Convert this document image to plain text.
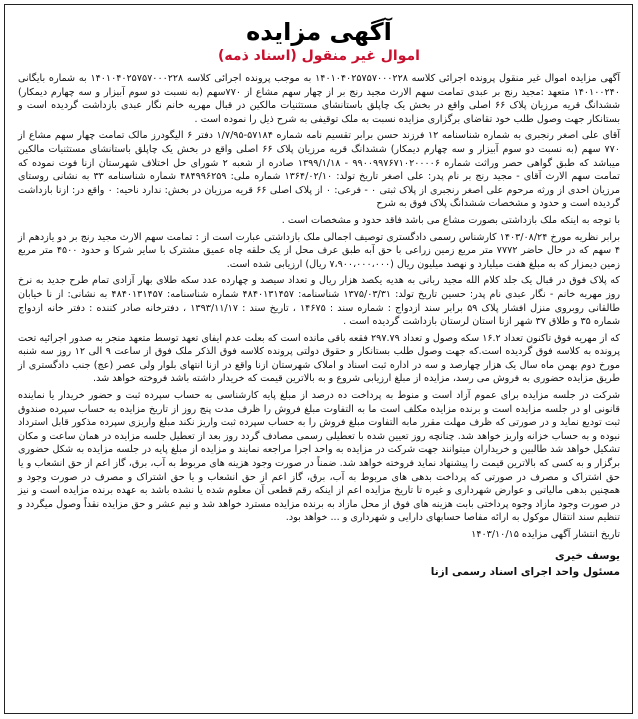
آگهی مزایده
اموال غیر منقول (اسناد ذمه)

آگهی مزایده اموال غیر منقول پرونده اجرائی کلاسه ۱۴۰۱۰۴۰۲۵۷۵۷۰۰۰۲۲۸ به موجب پرونده اجرائی کلاسه ۱۴۰۱۰۴۰۲۵۷۵۷۰۰۰۲۲۸ به شماره بایگانی ۱۴۰۱۰۰۲۴۰ متعهد :مجید رنج بر عبدی تمامت سهم الارث مجید رنج بر از چهار سهم مشاع از ۷۷۰سهم (به نسبت دو سوم آبیزار و سه چهارم دیمکار) ششدانگ قریه مرزیان پلاک ۶۶ اصلی واقع در بخش یک چاپلق باستانشای مستثنیات مالکین در قبال مهریه خانم نگار عبدی بازداشت گردیده است و بستانکار جهت وصول طلب خود تقاضای برگزاری مزایده نسبت به ملک توقیفی به شرح ذیل را نموده است .

آقای علی اصغر رنجبری به شماره شناسنامه ۱۲ فرزند حسن برابر تقسیم نامه شماره ۵۷۱۸۴-۱/۷/۹۵ دفتر ۶ الیگودرز مالک تمامت چهار سهم مشاع از ۷۷۰ سهم (به نسبت دو سوم آبیزار و سه چهارم دیمکار) ششدانگ قریه مرزیان پلاک ۶۶ اصلی واقع در بخش یک چاپلق باستانشای مستثنیات مالکین میباشد که طبق گواهی حصر وراثت شماره ۹۹۰۰۹۹۷۶۷۱۰۲۰۰۰۰۶ - ۱۳۹۹/۱/۱۸ صادره از شعبه ۲ شورای حل اختلاف شهرستان ازنا فوت نموده که تمامت سهم الارث آقای - مجید رنج بر نام پدر: علی اصغر تاریخ تولد: ۱۳۶۴/۰۲/۱۰ شماره ملی: ۴۸۴۹۹۶۲۵۹ شماره شناسنامه ۳۳ به نشانی روستای مرزیان احدی از ورثه مرحوم علی اصغر رنجبری از پلاک ثبتی ۰ - فرعی: ۰ از پلاک اصلی ۶۶ قریه مرزیان در بخش: ندارد ناحیه: ۰ واقع در: ازنا بازداشت گردیده است و حدود و مشخصات ششدانگ پلاک فوق به شرح

با توجه به اینکه ملک بازداشتی بصورت مشاع می باشد فاقد حدود و مشخصات است .

برابر نظریه مورخ ۱۴۰۳/۰۸/۲۴ کارشناس رسمی دادگستری توصیف اجمالی ملک بازداشتی عبارت است از : تمامت سهم الارث مجید رنج بر دو یازدهم از ۴ سهم که در حال حاضر ۷۷۷۲ متر مربع زمین زراعی با حق آبه طبق عرف محل از یک حلقه چاه عمیق مشترک با سایر شرکا و حدود ۴۵۰۰ متر مربع زمین دیمزار که به مبلغ هفت میلیارد و نهصد میلیون ریال (۷،۹۰۰،۰۰۰،۰۰۰ ریال) ارزیابی شده است.

که پلاک فوق در قبال یک جلد کلام الله مجید ربانی به هدیه یکصد هزار ریال و تعداد سیصد و چهارده عدد سکه طلای بهار آزادی تمام طرح جدید به نرخ روز مهریه خانم - نگار عبدی نام پدر: حسین تاریخ تولد: ۱۳۷۵/۰۳/۳۱ شناسنامه: ۴۸۴۰۱۳۱۴۵۷ شماره شناسنامه: ۴۸۴۰۱۳۱۴۵۷ به نشانی: از نا خیابان طالقانی روبروی منزل افشار پلاک ۵۹ برابر سند ازدواج : شماره سند : ۱۴۶۷۵ ، تاریخ سند : ۱۳۹۳/۱۱/۱۷ ، دفترخانه صادر کننده : دفتر خانه ازدواج شماره ۳۵ و طلاق ۳۷ شهر ازنا استان لرستان بازداشت گردیده است .

که از مهریه فوق تاکنون تعداد ۱۶.۲ سکه وصول و تعداد ۲۹۷.۷۹ فقعه باقی مانده است که بعلت عدم ایفای تعهد توسط متعهد منجر به صدور اجرائیه تحت پرونده به کلاسه فوق گردیده است.که جهت وصول طلب بستانکار و حقوق دولتی پرونده کلاسه فوق الذکر ملک فوق از ساعت ۹ الی ۱۲ روز سه شنبه مورخ دوم بهمن ماه سال یک هزار چهارصد و سه در اداره ثبت اسناد و املاک شهرستان ازنا واقع در ازنا انتهای بلوار ولی عصر (عج) جنب دادگستری از طریق مزایده حضوری به فروش می رسد، مزایده از مبلغ ارزیابی شروع و به بالاترین قیمت که خریدار داشته باشد فروخته خواهد شد.

شرکت در جلسه مزایده برای عموم آزاد است و منوط به پرداخت ده درصد از مبلغ پایه کارشناسی به حساب سپرده ثبت و حضور خریدار یا نماینده قانونی او در جلسه مزایده است و برنده مزایده مکلف است ما به التفاوت مبلغ فروش را ظرف مدت پنج روز از تاریخ مزایده به حساب سپرده صندوق ثبت تودیع نماید و در صورتی که ظرف مهلت مقرر مابه التفاوت مبلغ فروش را به حساب سپرده ثبت واریز نکند مبلغ واریزی سپرده مذکور قابل استرداد نبوده و به حساب خزانه واریز خواهد شد. چنانچه روز تعیین شده با تعطیلی رسمی مصادف گردد روز بعد از تعطیل جلسه مزایده در همان ساعت و مکان تشکیل خواهد شد طالبین و خریداران میتوانند جهت شرکت در مزایده به واحد اجرا مراجعه نمایند و مزایده از مبلغ پایه در جلسه مزایده به شکل حضوری برگزار و به کسی که بالاترین قیمت را پیشنهاد نماید فروخته خواهد شد. ضمناً در صورت وجود هزینه های مربوط به آب، برق، گاز اعم از حق انشعاب و یا حق اشتراک و مصرف در صورتی که پرداخت بدهی های مربوط به آب، برق، گاز اعم از حق انشعاب و یا حق اشتراک و مصرف در صورت وجود و همچنین بدهی مالیاتی و عوارض شهرداری و غیره تا تاریخ مزایده اعم از اینکه رقم قطعی آن معلوم شده یا نشده باشد به عهده برنده مزایده است و نیز در صورت وجود مازاد وجوه پرداختی بابت هزینه های فوق از محل مازاد به برنده مزایده مسترد خواهد شد و نیم عشر و حق مزایده نقداً وصول میگردد و تنظیم سند انتقال موکول به ارائه مفاصا حسابهای دارایی و شهرداری و ... خواهد بود.

تاریخ انتشار آگهی مزایده ۱۴۰۳/۱۰/۱۵
یوسف خیری
مسئول واحد اجرای اسناد رسمی ازنا
